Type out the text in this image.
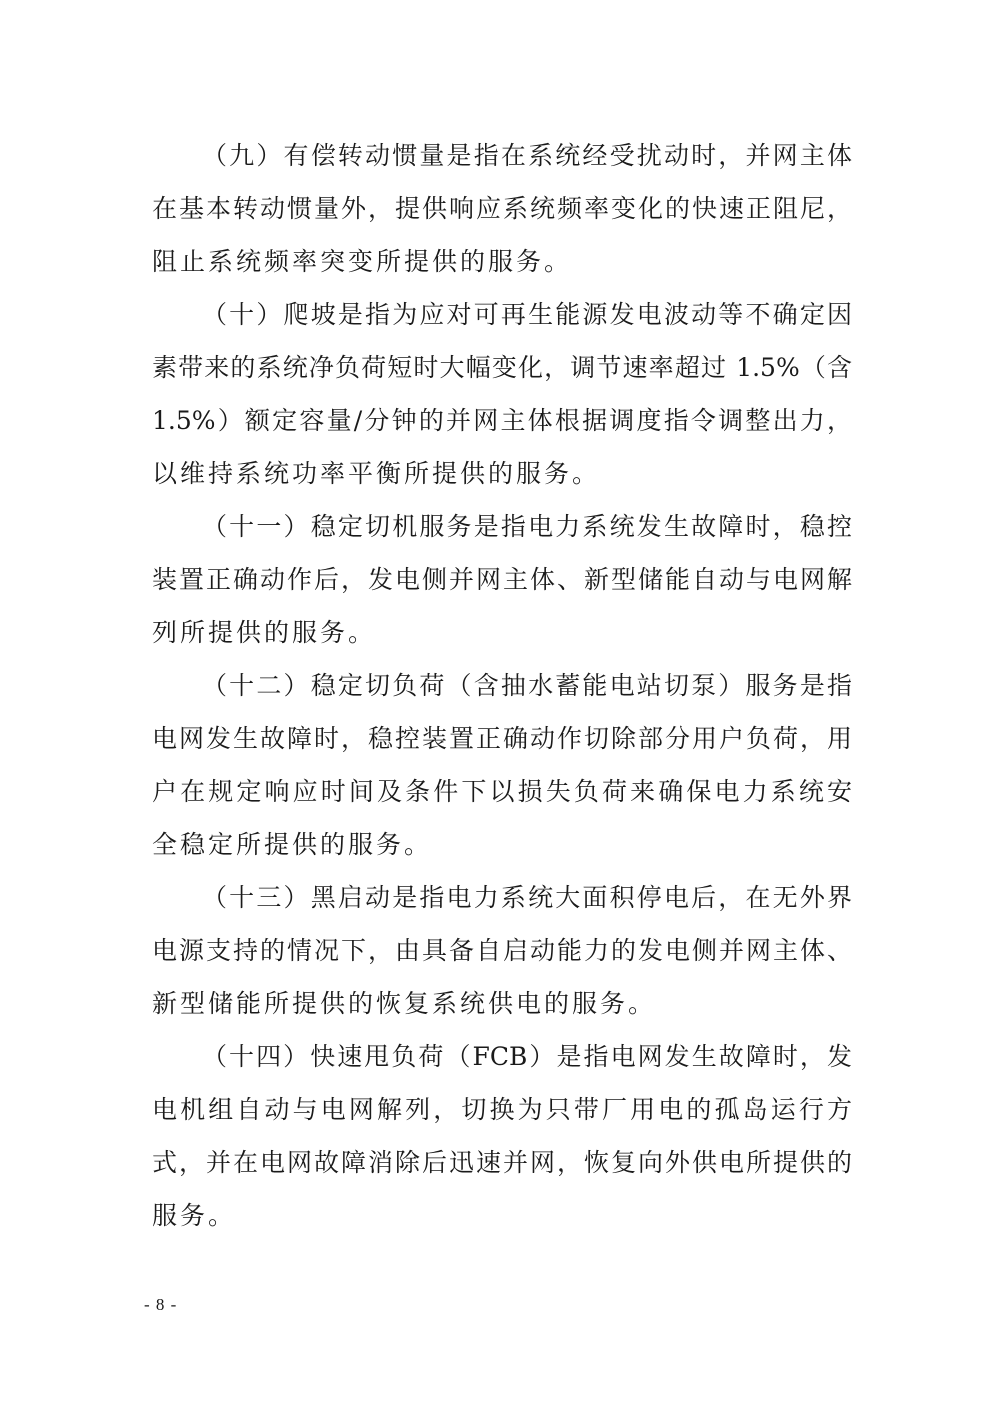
（九）有偿转动惯量是指在系统经受扰动时，并网主体
在基本转动惯量外，提供响应系统频率变化的快速正阻尼，
阻止系统频率突变所提供的服务。
（十）爬坡是指为应对可再生能源发电波动等不确定因
素带来的系统净负荷短时大幅变化，调节速率超过 1.5%（含
1.5%）额定容量/分钟的并网主体根据调度指令调整出力，
以维持系统功率平衡所提供的服务。
（十一）稳定切机服务是指电力系统发生故障时，稳控
装置正确动作后，发电侧并网主体、新型储能自动与电网解
列所提供的服务。
（十二）稳定切负荷（含抽水蓄能电站切泵）服务是指
电网发生故障时，稳控装置正确动作切除部分用户负荷，用
户在规定响应时间及条件下以损失负荷来确保电力系统安
全稳定所提供的服务。
（十三）黑启动是指电力系统大面积停电后，在无外界
电源支持的情况下，由具备自启动能力的发电侧并网主体、
新型储能所提供的恢复系统供电的服务。
（十四）快速甩负荷（FCB）是指电网发生故障时，发
电机组自动与电网解列，切换为只带厂用电的孤岛运行方
式，并在电网故障消除后迅速并网，恢复向外供电所提供的
服务。
- 8 -
